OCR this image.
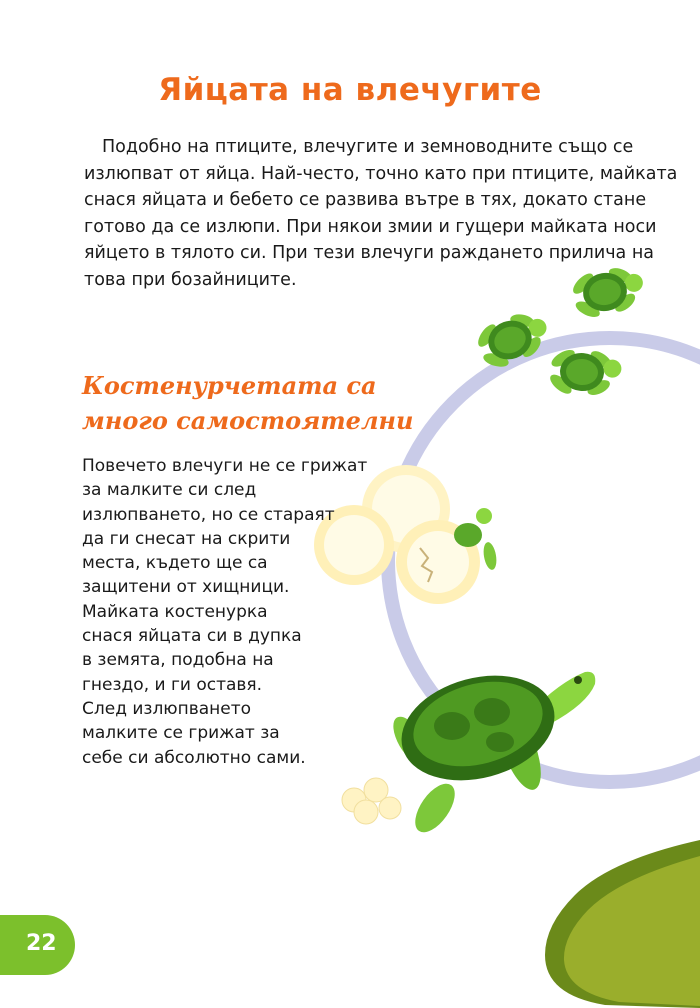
Яйцата на влечугите

Подобно на птиците, влечугите и земноводните също се
излюпват от яйца. Най-често, точно като при птиците, майката
снася яйцата и бебето се развива вътре в тях, докато стане
готово да се излюпи. При някои змии и гущери майката носи
яйцето в тялото си. При тези влечуги раждането прилича на
това при бозайниците.

Костенурчетата са
много самостоятелни

Повечето влечуги не се грижат
за малките си след
излюпването, но се стараят
да ги снесат на скрити
места, където ще са
защитени от хищници.
Майката костенурка
снася яйцата си в дупка
в земята, подобна на
гнездо, и ги оставя.
След излюпването
малките се грижат за
себе си абсолютно сами.

22
